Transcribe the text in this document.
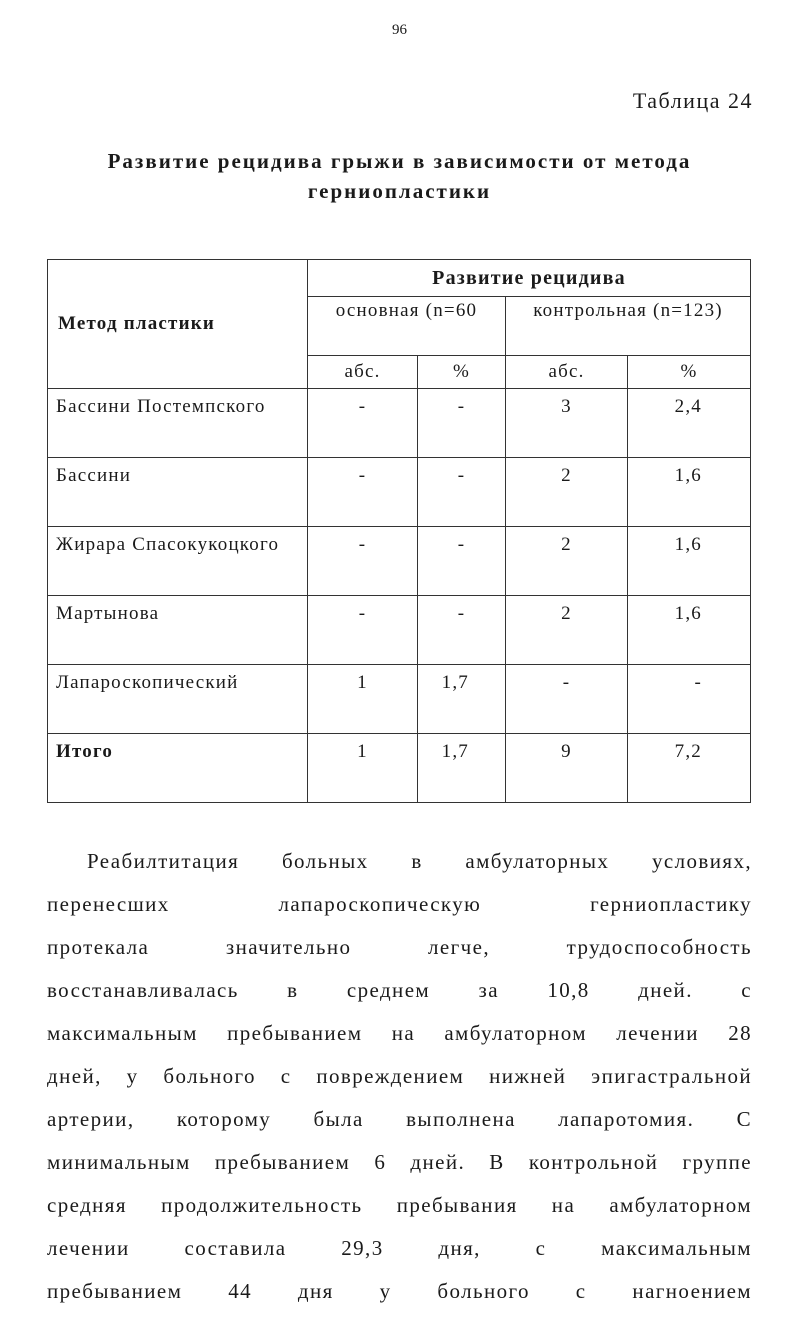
96
Таблица 24
Развитие рецидива грыжи в зависимости от метода
герниопластики
Метод пластики	Развитие рецидива			
	основная (n=60		контрольная (n=123)	
	абс.	%	абс.	%
Бассини Постемпского	-	-	3	2,4
Бассини	-	-	2	1,6
Жирара Спасокукоцкого	-	-	2	1,6
Мартынова	-	-	2	1,6
Лапароскопический	1	1,7	-	-
Итого	1	1,7	9	7,2
Реабилтитация больных в амбулаторных условиях,
перенесших лапароскопическую герниопластику
протекала значительно легче, трудоспособность
восстанавливалась в среднем за 10,8 дней. с
максимальным пребыванием на амбулаторном лечении 28
дней, у больного с повреждением нижней эпигастральной
артерии, которому была выполнена лапаротомия. С
минимальным пребыванием 6 дней. В контрольной группе
средняя продолжительность пребывания на амбулаторном
лечении составила 29,3 дня, с максимальным
пребыванием 44 дня у больного с нагноением
